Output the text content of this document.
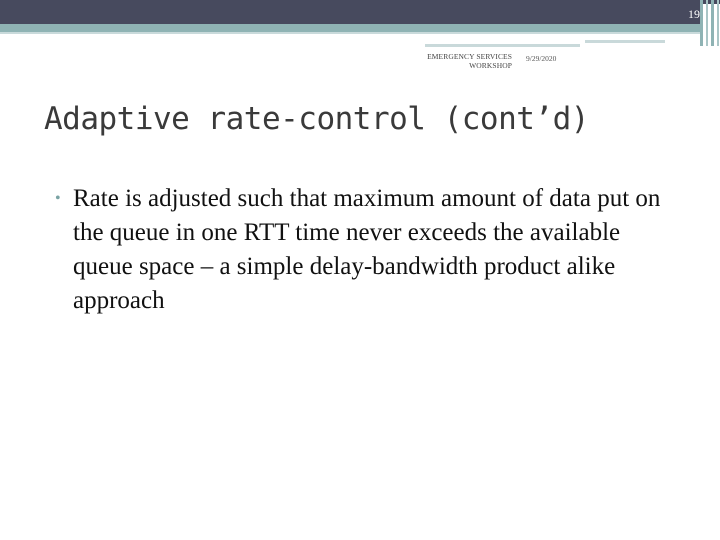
19
EMERGENCY SERVICES WORKSHOP
9/29/2020
Adaptive rate-control (cont’d)
• Rate is adjusted such that maximum amount of data put on the queue in one RTT time never exceeds the available queue space – a simple delay-bandwidth product alike approach
